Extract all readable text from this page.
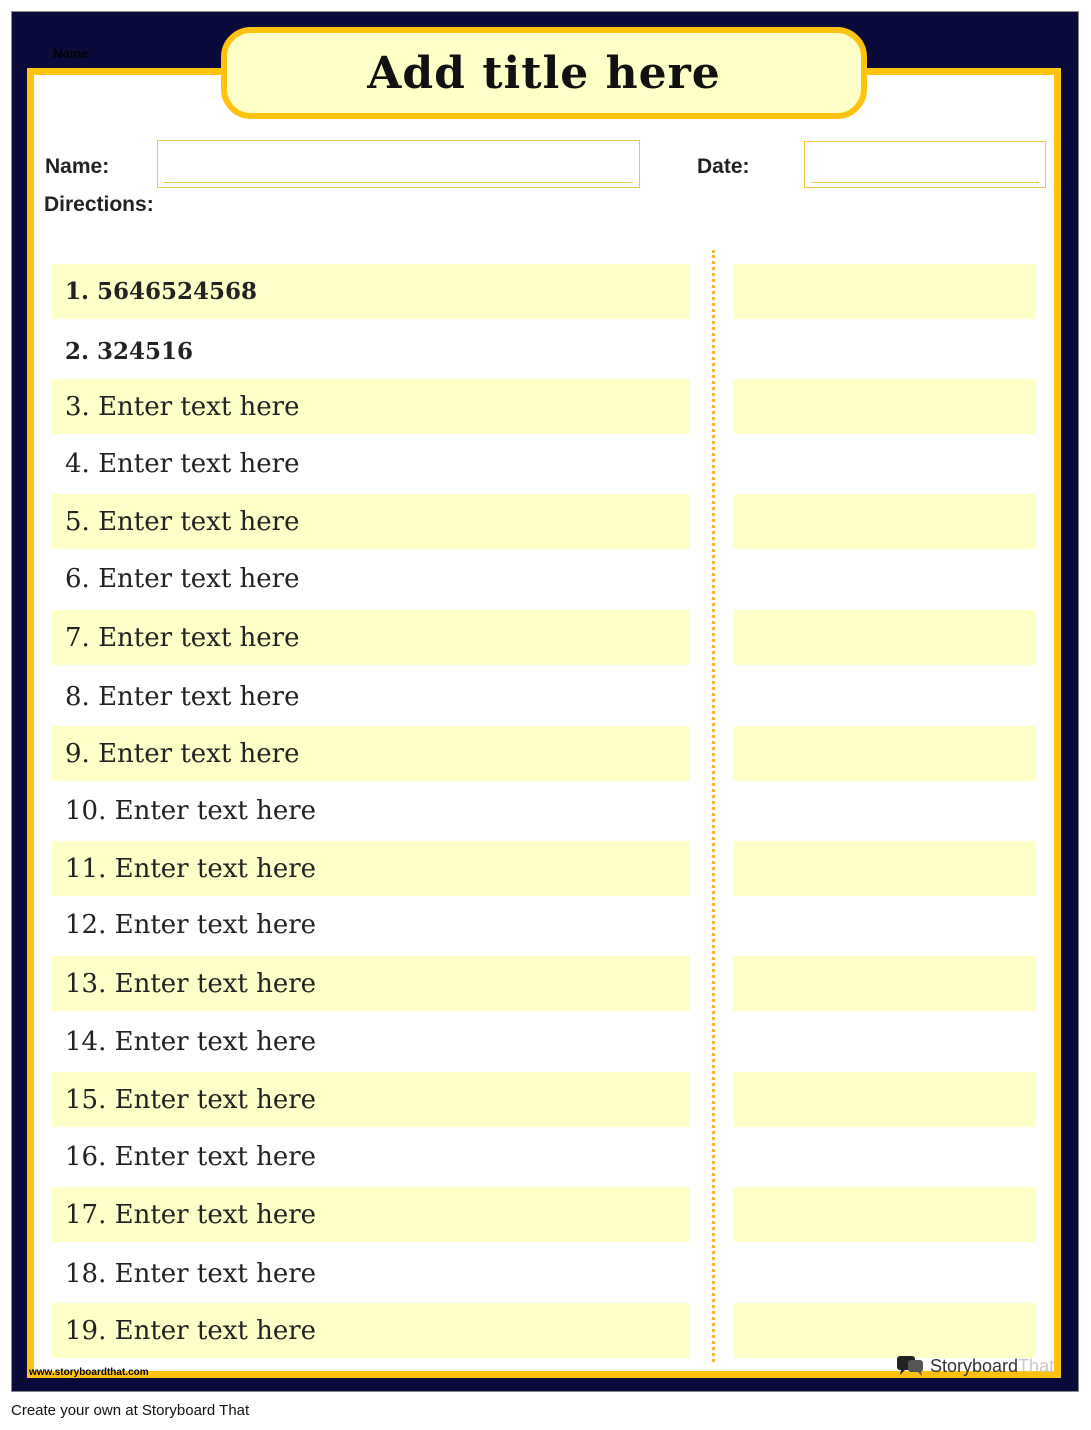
Name	Add title here
Name:	Date:
Directions:
1. 5646524568
2. 324516
3. Enter text here
4. Enter text here
5. Enter text here
6. Enter text here
7. Enter text here
8. Enter text here
9. Enter text here
10. Enter text here
11. Enter text here
12. Enter text here
13. Enter text here
14. Enter text here
15. Enter text here
16. Enter text here
17. Enter text here
18. Enter text here
19. Enter text here
www.storyboardthat.com	StoryboardThat
Create your own at Storyboard That
